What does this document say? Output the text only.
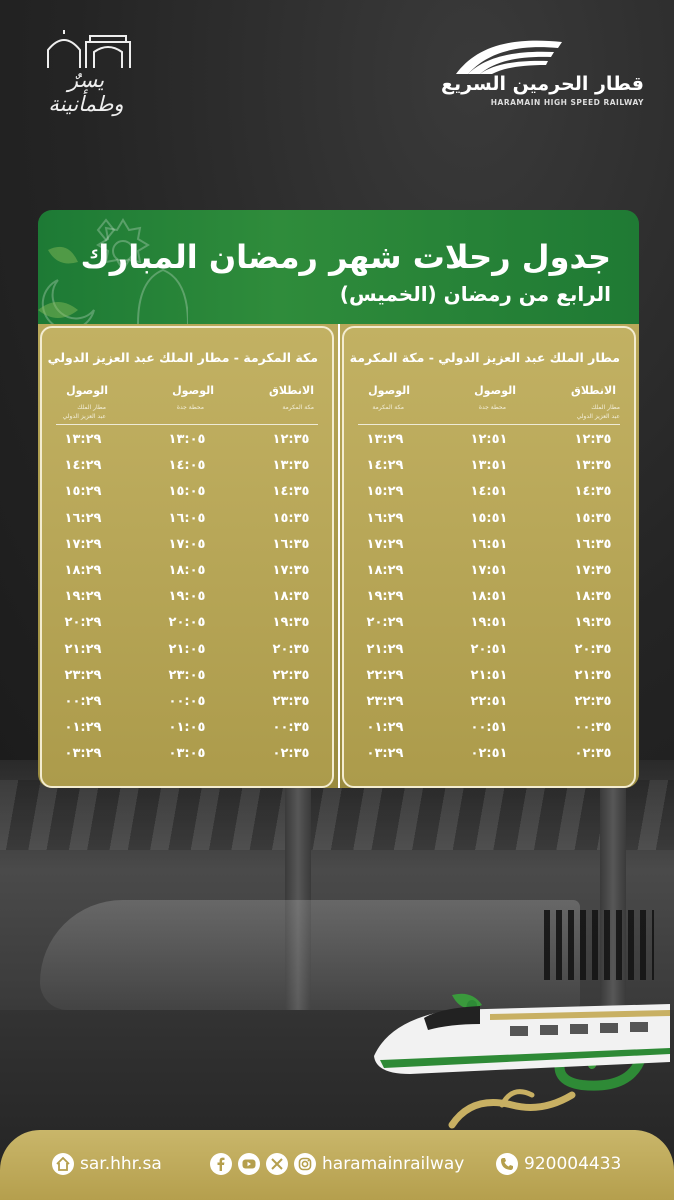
قطار الحرمين السريع
HARAMAIN HIGH SPEED RAILWAY
يسرٌ وطمأنينة
جدول رحلات شهر رمضان المبارك
الرابع من رمضان (الخميس)
مطار الملك عبد العزيز الدولي - مكة المكرمة
الانطلاق
مطار الملك
عبد العزيز الدولي
الوصول
محطة جدة
الوصول
مكة المكرمة
١٢:٣٥
١٢:٥١
١٣:٢٩
١٣:٣٥
١٣:٥١
١٤:٢٩
١٤:٣٥
١٤:٥١
١٥:٢٩
١٥:٣٥
١٥:٥١
١٦:٢٩
١٦:٣٥
١٦:٥١
١٧:٢٩
١٧:٣٥
١٧:٥١
١٨:٢٩
١٨:٣٥
١٨:٥١
١٩:٢٩
١٩:٣٥
١٩:٥١
٢٠:٢٩
٢٠:٣٥
٢٠:٥١
٢١:٢٩
٢١:٣٥
٢١:٥١
٢٢:٢٩
٢٢:٣٥
٢٢:٥١
٢٣:٢٩
٠٠:٣٥
٠٠:٥١
٠١:٢٩
٠٢:٣٥
٠٢:٥١
٠٣:٢٩
مكة المكرمة - مطار الملك عبد العزيز الدولي
الانطلاق
مكة المكرمة
الوصول
محطة جدة
الوصول
مطار الملك
عبد العزيز الدولي
١٢:٣٥
١٣:٠٥
١٣:٢٩
١٣:٣٥
١٤:٠٥
١٤:٢٩
١٤:٣٥
١٥:٠٥
١٥:٢٩
١٥:٣٥
١٦:٠٥
١٦:٢٩
١٦:٣٥
١٧:٠٥
١٧:٢٩
١٧:٣٥
١٨:٠٥
١٨:٢٩
١٨:٣٥
١٩:٠٥
١٩:٢٩
١٩:٣٥
٢٠:٠٥
٢٠:٢٩
٢٠:٣٥
٢١:٠٥
٢١:٢٩
٢٢:٣٥
٢٣:٠٥
٢٣:٢٩
٢٣:٣٥
٠٠:٠٥
٠٠:٢٩
٠٠:٣٥
٠١:٠٥
٠١:٢٩
٠٢:٣٥
٠٣:٠٥
٠٣:٢٩
sar.hhr.sa	haramainrailway	920004433
